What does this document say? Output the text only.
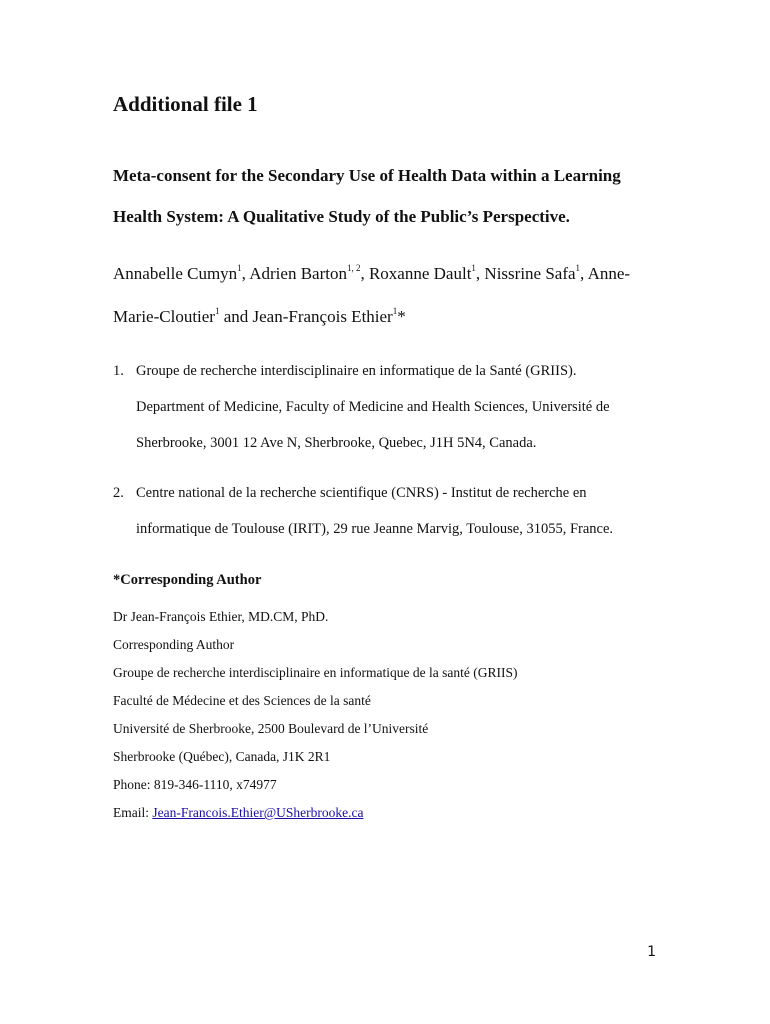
Additional file 1
Meta-consent for the Secondary Use of Health Data within a Learning
Health System: A Qualitative Study of the Public’s Perspective.
Annabelle Cumyn$^1$, Adrien Barton$^{1, 2}$, Roxanne Dault$^1$, Nissrine Safa$^1$, Anne-
Marie-Cloutier$^1$ and Jean-François Ethier$^1$*
1. Groupe de recherche interdisciplinaire en informatique de la Santé (GRIIS).
Department of Medicine, Faculty of Medicine and Health Sciences, Université de
Sherbrooke, 3001 12 Ave N, Sherbrooke, Quebec, J1H 5N4, Canada.
2. Centre national de la recherche scientifique (CNRS) - Institut de recherche en
informatique de Toulouse (IRIT), 29 rue Jeanne Marvig, Toulouse, 31055, France.
*Corresponding Author
Dr Jean-François Ethier, MD.CM, PhD.
Corresponding Author
Groupe de recherche interdisciplinaire en informatique de la santé (GRIIS)
Faculté de Médecine et des Sciences de la santé
Université de Sherbrooke, 2500 Boulevard de l’Université
Sherbrooke (Québec), Canada, J1K 2R1
Phone: 819-346-1110, x74977
Email: Jean-Francois.Ethier@USherbrooke.ca
1
